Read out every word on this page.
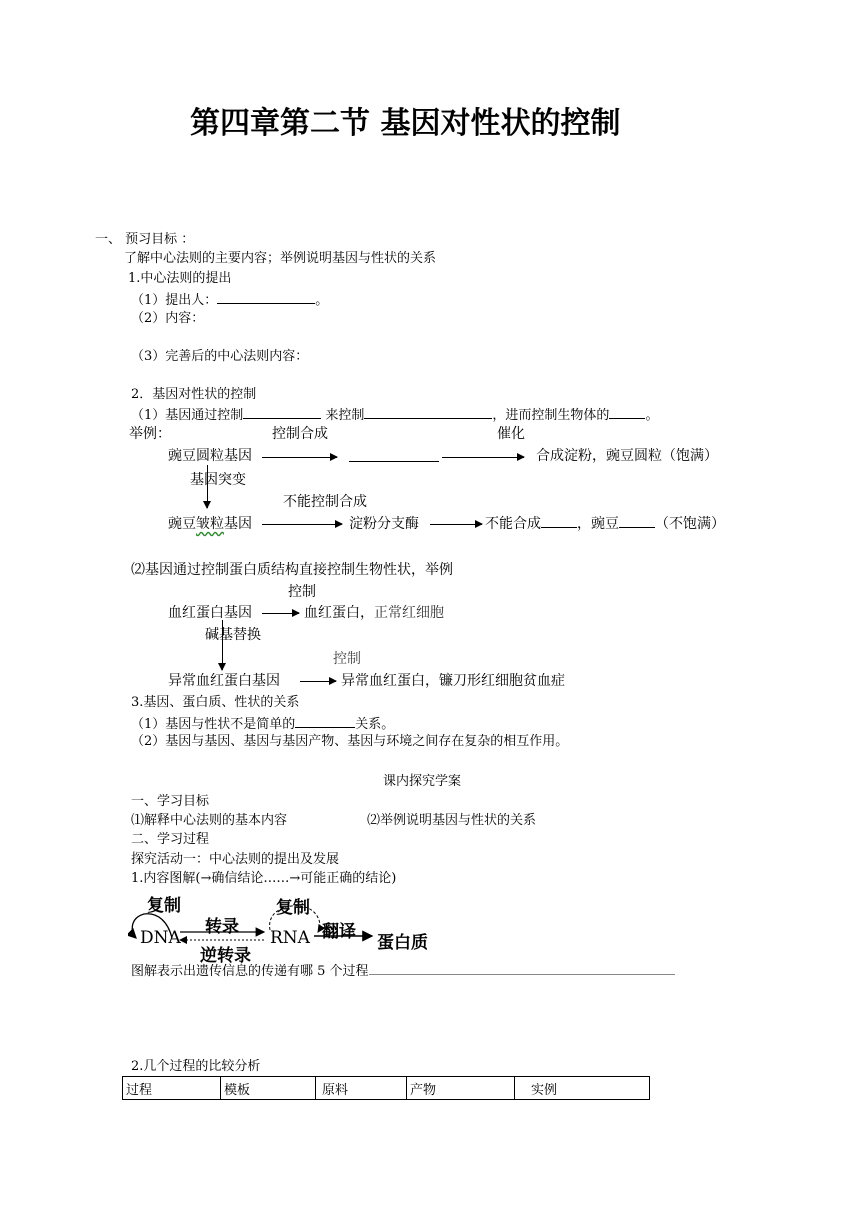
第四章第二节 基因对性状的控制
一、 预习目标 ：
了解中心法则的主要内容；举例说明基因与性状的关系
1.中心法则的提出
（1）提出人：	。
（2）内容：
（3）完善后的中心法则内容：
2．基因对性状的控制
（1）基因通过控制	来控制	，进而控制生物体的	。
举例：	控制合成	催化
豌豆圆粒基因	合成淀粉，豌豆圆粒（饱满）
基因突变
不能控制合成
豌豆皱粒基因	淀粉分支酶	不能合成	，豌豆	（不饱满）
⑵基因通过控制蛋白质结构直接控制生物性状，举例
控制
血红蛋白基因	血红蛋白，正常红细胞
碱基替换
控制
异常血红蛋白基因	异常血红蛋白，镰刀形红细胞贫血症
3.基因、蛋白质、性状的关系
（1）基因与性状不是简单的	关系。
（2）基因与基因、基因与基因产物、基因与环境之间存在复杂的相互作用。
课内探究学案
一、学习目标
⑴解释中心法则的基本内容	⑵举例说明基因与性状的关系
二、学习过程
探究活动一：中心法则的提出及发展
1.内容图解(→确信结论……→可能正确的结论)
复制	复制
转录	翻译
DNA	RNA	蛋白质
逆转录
图解表示出遗传信息的传递有哪 5 个过程
2.几个过程的比较分析
过程	模板	原料	产物	实例
